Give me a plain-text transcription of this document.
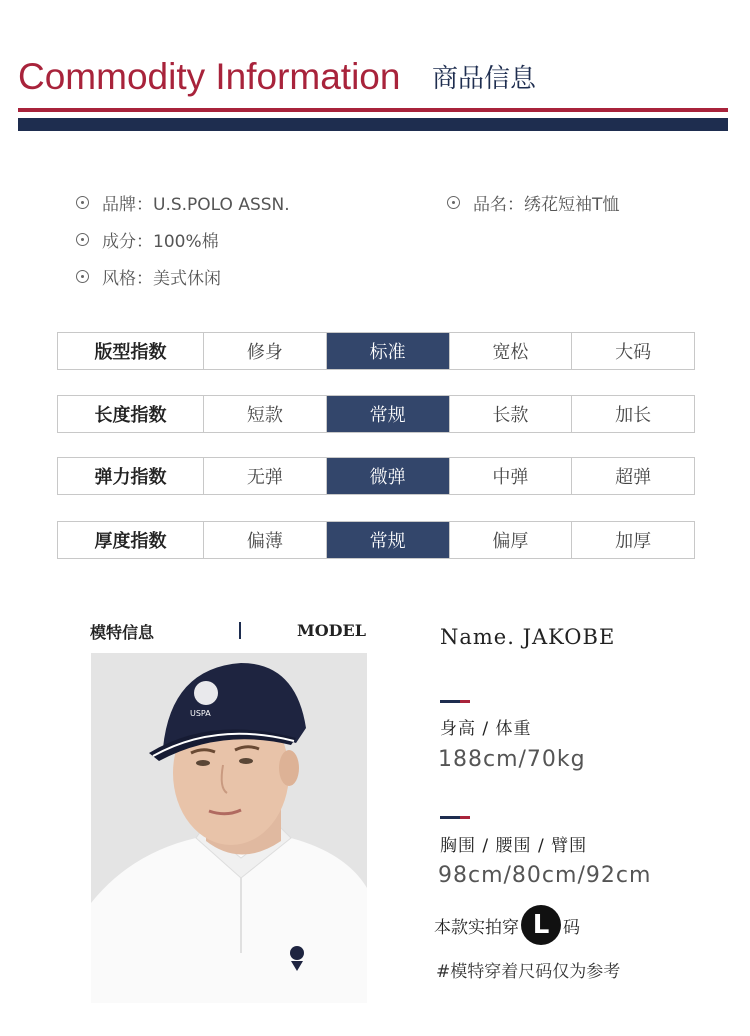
Commodity Information 商品信息
品牌：U.S.POLO ASSN.	品名：绣花短袖T恤
成分：100%棉
风格：美式休闲
版型指数	修身	标准	宽松	大码
长度指数	短款	常规	长款	加长
弹力指数	无弹	微弹	中弹	超弹
厚度指数	偏薄	常规	偏厚	加厚
模特信息	MODEL
USPA
Name. JAKOBE
身高 / 体重
188cm/70kg
胸围 / 腰围 / 臂围
98cm/80cm/92cm
本款实拍穿 L 码
#模特穿着尺码仅为参考
